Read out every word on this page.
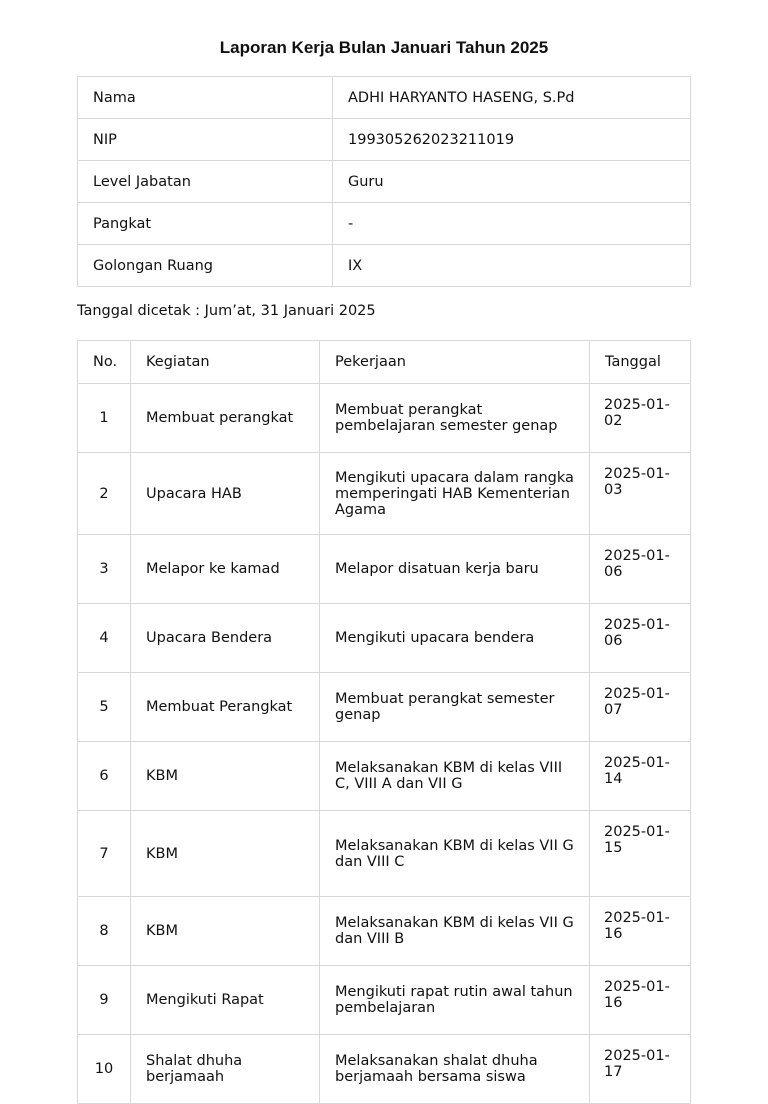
Laporan Kerja Bulan Januari Tahun 2025
Nama	ADHI HARYANTO HASENG, S.Pd
NIP	199305262023211019
Level Jabatan	Guru
Pangkat	-
Golongan Ruang	IX
Tanggal dicetak : Jum’at, 31 Januari 2025
No.	Kegiatan	Pekerjaan	Tanggal
1	Membuat perangkat	Membuat perangkat pembelajaran semester genap	2025-01-02
2	Upacara HAB	Mengikuti upacara dalam rangka memperingati HAB Kementerian Agama	2025-01-03
3	Melapor ke kamad	Melapor disatuan kerja baru	2025-01-06
4	Upacara Bendera	Mengikuti upacara bendera	2025-01-06
5	Membuat Perangkat	Membuat perangkat semester genap	2025-01-07
6	KBM	Melaksanakan KBM di kelas VIII C, VIII A dan VII G	2025-01-14
7	KBM	Melaksanakan KBM di kelas VII G dan VIII C	2025-01-15
8	KBM	Melaksanakan KBM di kelas VII G dan VIII B	2025-01-16
9	Mengikuti Rapat	Mengikuti rapat rutin awal tahun pembelajaran	2025-01-16
10	Shalat dhuha berjamaah	Melaksanakan shalat dhuha berjamaah bersama siswa	2025-01-17
